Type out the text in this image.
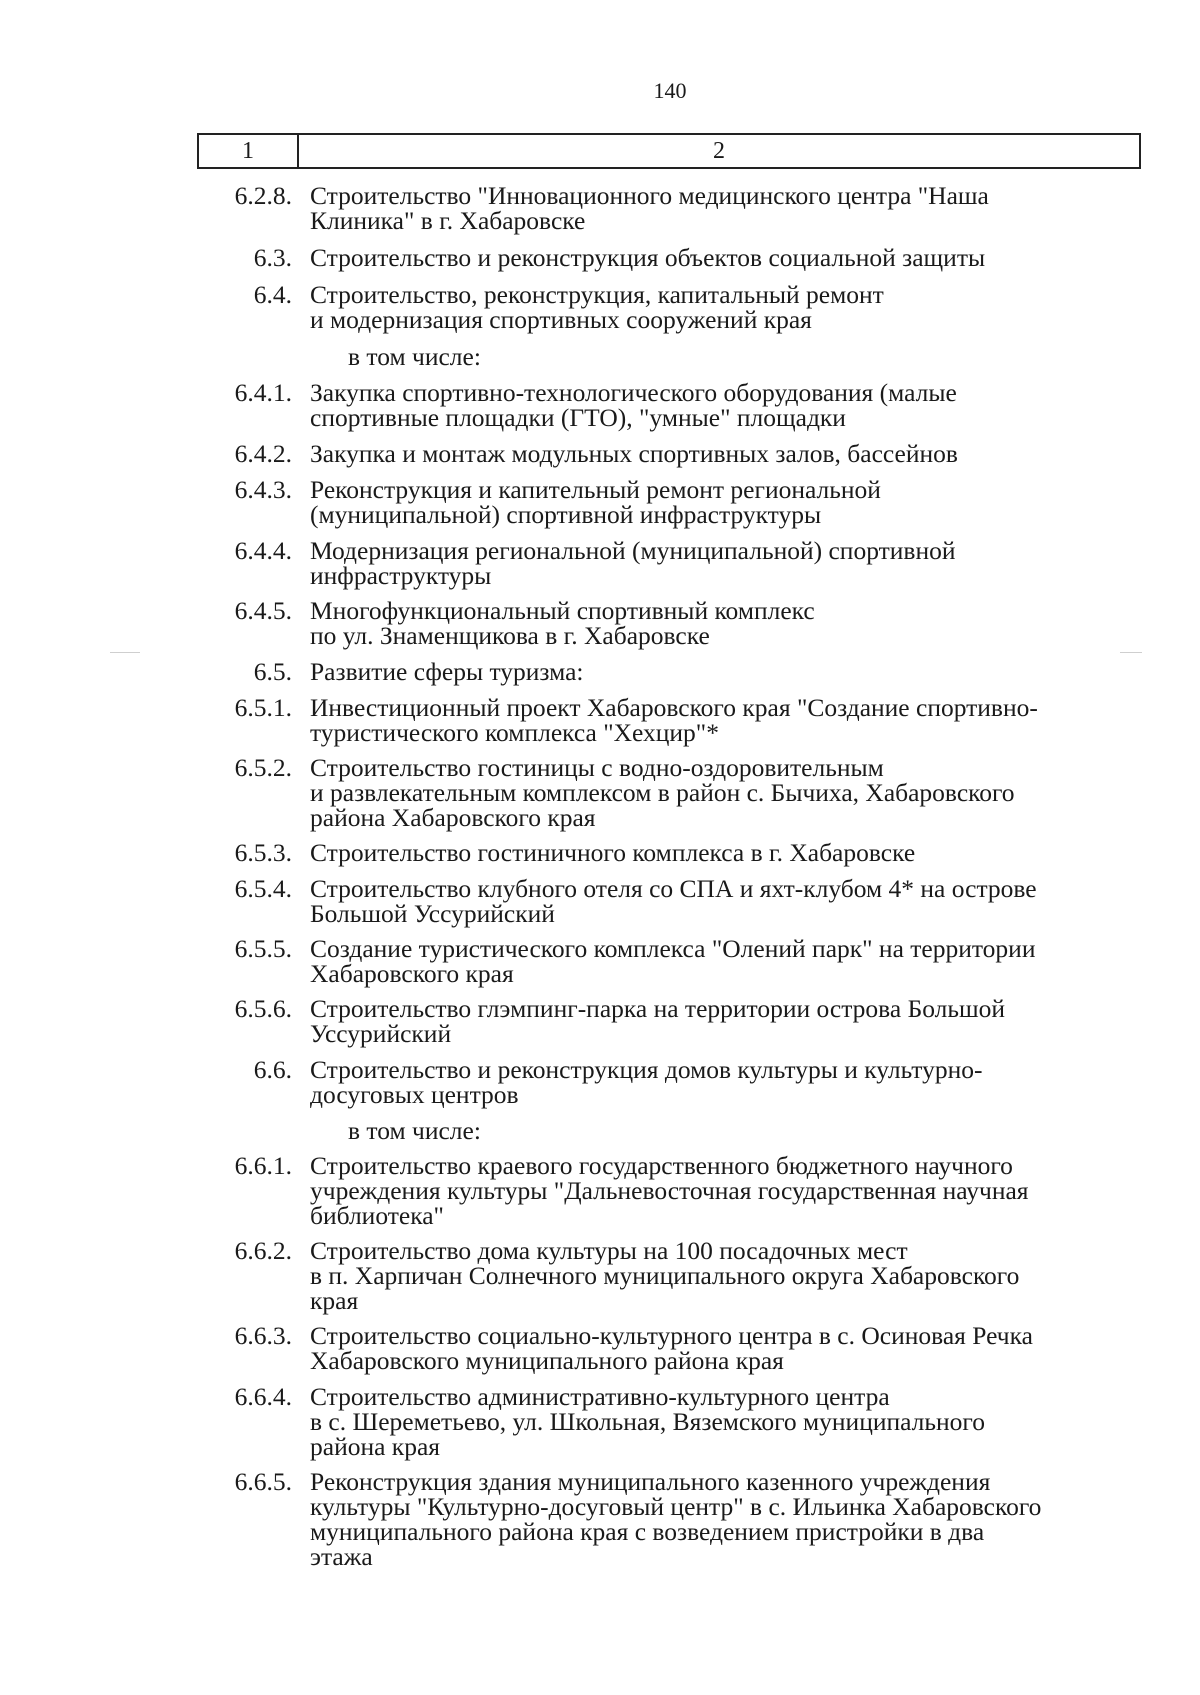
140
1	2
6.2.8. Строительство "Инновационного медицинского центра "Наша
Клиника" в г. Хабаровске
6.3. Строительство и реконструкция объектов социальной защиты
6.4. Строительство, реконструкция, капитальный ремонт
и модернизация спортивных сооружений края
в том числе:
6.4.1. Закупка спортивно-технологического оборудования (малые
спортивные площадки (ГТО), "умные" площадки
6.4.2. Закупка и монтаж модульных спортивных залов, бассейнов
6.4.3. Реконструкция и капительный ремонт региональной
(муниципальной) спортивной инфраструктуры
6.4.4. Модернизация региональной (муниципальной) спортивной
инфраструктуры
6.4.5. Многофункциональный спортивный комплекс
по ул. Знаменщикова в г. Хабаровске
6.5. Развитие сферы туризма:
6.5.1. Инвестиционный проект Хабаровского края "Создание спортивно-
туристического комплекса "Хехцир"*
6.5.2. Строительство гостиницы с водно-оздоровительным
и развлекательным комплексом в район с. Бычиха, Хабаровского
района Хабаровского края
6.5.3. Строительство гостиничного комплекса в г. Хабаровске
6.5.4. Строительство клубного отеля со СПА и яхт-клубом 4* на острове
Большой Уссурийский
6.5.5. Создание туристического комплекса "Олений парк" на территории
Хабаровского края
6.5.6. Строительство глэмпинг-парка на территории острова Большой
Уссурийский
6.6. Строительство и реконструкция домов культуры и культурно-
досуговых центров
в том числе:
6.6.1. Строительство краевого государственного бюджетного научного
учреждения культуры "Дальневосточная государственная научная
библиотека"
6.6.2. Строительство дома культуры на 100 посадочных мест
в п. Харпичан Солнечного муниципального округа Хабаровского
края
6.6.3. Строительство социально-культурного центра в с. Осиновая Речка
Хабаровского муниципального района края
6.6.4. Строительство административно-культурного центра
в с. Шереметьево, ул. Школьная, Вяземского муниципального
района края
6.6.5. Реконструкция здания муниципального казенного учреждения
культуры "Культурно-досуговый центр" в с. Ильинка Хабаровского
муниципального района края с возведением пристройки в два
этажа
